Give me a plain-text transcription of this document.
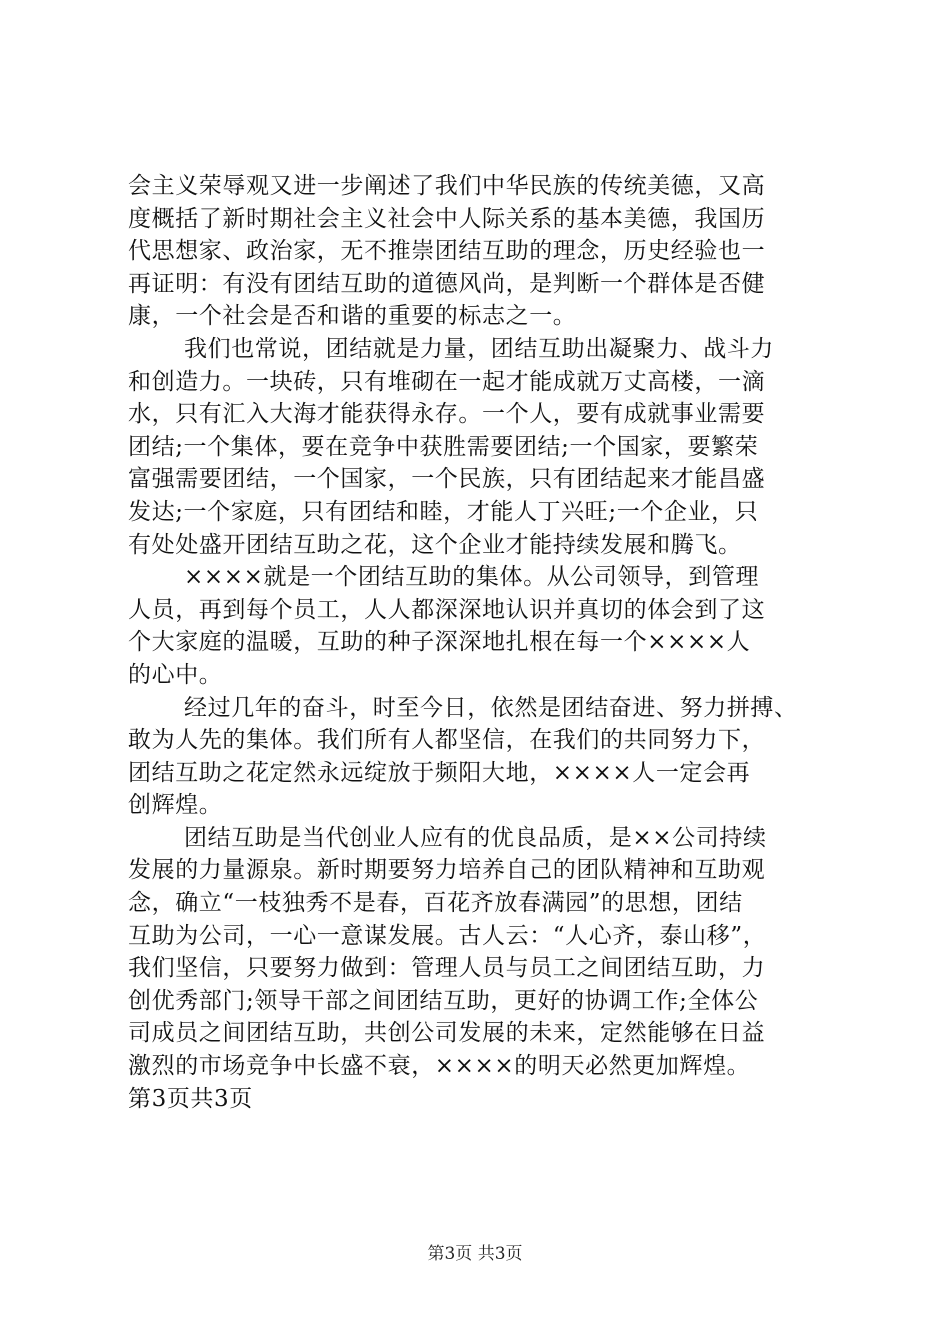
会主义荣辱观又进一步阐述了我们中华民族的传统美德，又高
度概括了新时期社会主义社会中人际关系的基本美德，我国历
代思想家、政治家，无不推崇团结互助的理念，历史经验也一
再证明：有没有团结互助的道德风尚，是判断一个群体是否健
康，一个社会是否和谐的重要的标志之一。
我们也常说，团结就是力量，团结互助出凝聚力、战斗力
和创造力。一块砖，只有堆砌在一起才能成就万丈高楼，一滴
水，只有汇入大海才能获得永存。一个人，要有成就事业需要
团结;一个集体，要在竞争中获胜需要团结;一个国家，要繁荣
富强需要团结，一个国家，一个民族，只有团结起来才能昌盛
发达;一个家庭，只有团结和睦，才能人丁兴旺;一个企业，只
有处处盛开团结互助之花，这个企业才能持续发展和腾飞。
××××就是一个团结互助的集体。从公司领导，到管理
人员，再到每个员工，人人都深深地认识并真切的体会到了这
个大家庭的温暖，互助的种子深深地扎根在每一个××××人
的心中。
经过几年的奋斗，时至今日，依然是团结奋进、努力拼搏、
敢为人先的集体。我们所有人都坚信，在我们的共同努力下，
团结互助之花定然永远绽放于频阳大地，××××人一定会再
创辉煌。
团结互助是当代创业人应有的优良品质，是××公司持续
发展的力量源泉。新时期要努力培养自己的团队精神和互助观
念，确立“一枝独秀不是春，百花齐放春满园”的思想，团结
互助为公司，一心一意谋发展。古人云：“人心齐，泰山移”，
我们坚信，只要努力做到：管理人员与员工之间团结互助，力
创优秀部门;领导干部之间团结互助，更好的协调工作;全体公
司成员之间团结互助，共创公司发展的未来，定然能够在日益
激烈的市场竞争中长盛不衰，××××的明天必然更加辉煌。
第3页共3页
第3页 共3页
